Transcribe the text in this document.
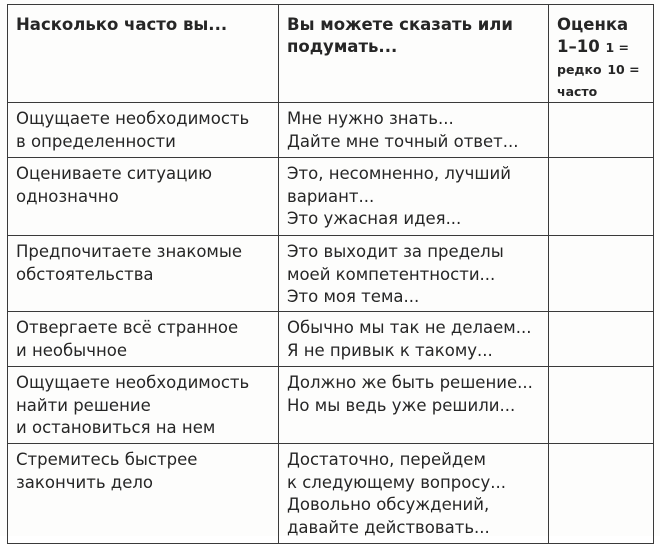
Насколько часто вы...	Вы можете сказать или подумать...	Оценка 1–10 1 = редко 10 = часто

Ощущаете необходимость
в определенности	Мне нужно знать...
Дайте мне точный ответ...	

Оцениваете ситуацию
однозначно	Это, несомненно, лучший
вариант...
Это ужасная идея...	

Предпочитаете знакомые
обстоятельства	Это выходит за пределы
моей компетентности...
Это моя тема...	

Отвергаете всё странное
и необычное	Обычно мы так не делаем...
Я не привык к такому...	

Ощущаете необходимость
найти решение
и остановиться на нем	Должно же быть решение...
Но мы ведь уже решили...	

Стремитесь быстрее
закончить дело	Достаточно, перейдем
к следующему вопросу...
Довольно обсуждений,
давайте действовать...	
